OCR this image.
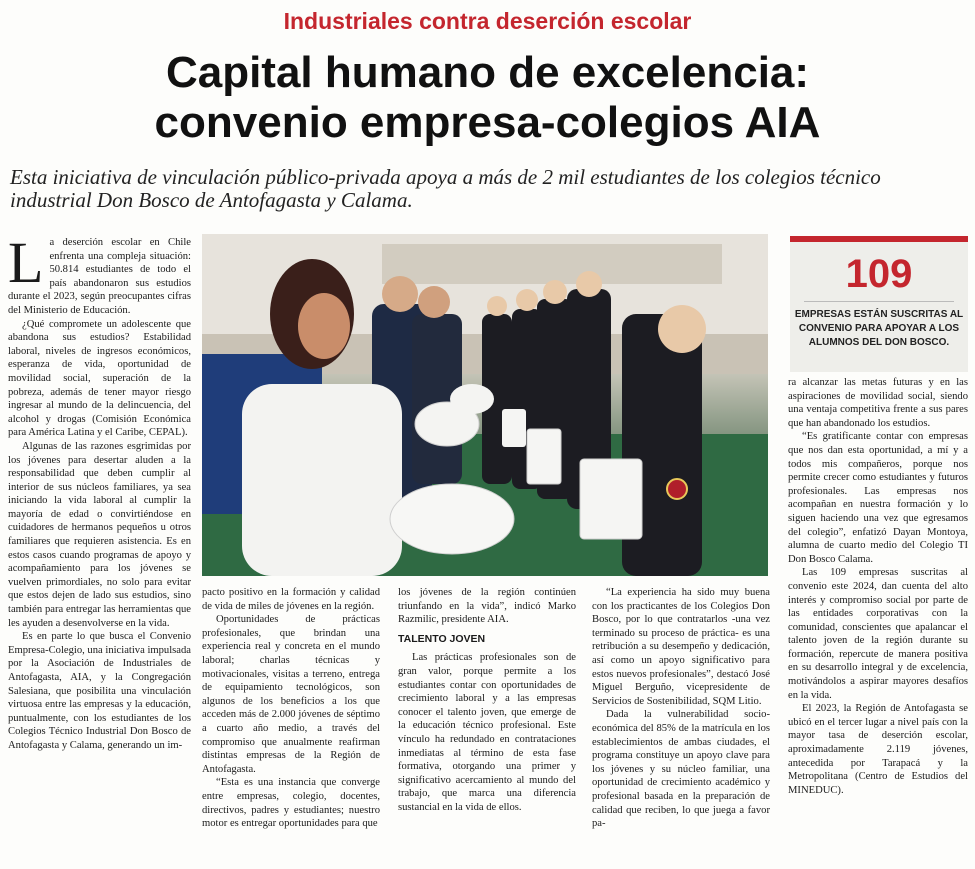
Industriales contra deserción escolar
Capital humano de excelencia:
convenio empresa-colegios AIA
Esta iniciativa de vinculación público-privada apoya a más de 2 mil estudiantes de los colegios técnico industrial Don Bosco de Antofagasta y Calama.

La deserción escolar en Chile enfrenta una compleja situación: 50.814 estudiantes de todo el país abandonaron sus estudios durante el 2023, según preocupantes cifras del Ministerio de Educación.

¿Qué compromete un adolescente que abandona sus estudios? Estabilidad laboral, niveles de ingresos económicos, esperanza de vida, oportunidad de movilidad social, superación de la pobreza, además de tener mayor riesgo ingresar al mundo de la delincuencia, del alcohol y drogas (Comisión Económica para América Latina y el Caribe, CEPAL).

Algunas de las razones esgrimidas por los jóvenes para desertar aluden a la responsabilidad que deben cumplir al interior de sus núcleos familiares, ya sea iniciando la vida laboral al cumplir la mayoría de edad o convirtiéndose en cuidadores de hermanos pequeños u otros familiares que requieren asistencia. Es en estos casos cuando programas de apoyo y acompañamiento para los jóvenes se vuelven primordiales, no solo para evitar que estos dejen de lado sus estudios, sino también para entregar las herramientas que les ayuden a desenvolverse en la vida.

Es en parte lo que busca el Convenio Empresa-Colegio, una iniciativa impulsada por la Asociación de Industriales de Antofagasta, AIA, y la Congregación Salesiana, que posibilita una vinculación virtuosa entre las empresas y la educación, puntualmente, con los estudiantes de los Colegios Técnico Industrial Don Bosco de Antofagasta y Calama, generando un im-

109
EMPRESAS ESTÁN SUSCRITAS AL CONVENIO PARA APOYAR A LOS ALUMNOS DEL DON BOSCO.

pacto positivo en la formación y calidad de vida de miles de jóvenes en la región.

Oportunidades de prácticas profesionales, que brindan una experiencia real y concreta en el mundo laboral; charlas técnicas y motivacionales, visitas a terreno, entrega de equipamiento tecnológicos, son algunos de los beneficios a los que acceden más de 2.000 jóvenes de séptimo a cuarto año medio, a través del compromiso que anualmente reafirman distintas empresas de la Región de Antofagasta.

“Esta es una instancia que converge entre empresas, colegio, docentes, directivos, padres y estudiantes; nuestro motor es entregar oportunidades para que

los jóvenes de la región continúen triunfando en la vida”, indicó Marko Razmilic, presidente AIA.

TALENTO JOVEN

Las prácticas profesionales son de gran valor, porque permite a los estudiantes contar con oportunidades de crecimiento laboral y a las empresas conocer el talento joven, que emerge de la educación técnico profesional. Este vínculo ha redundado en contrataciones inmediatas al término de esta fase formativa, otorgando una primer y significativo acercamiento al mundo del trabajo, que marca una diferencia sustancial en la vida de ellos.

“La experiencia ha sido muy buena con los practicantes de los Colegios Don Bosco, por lo que contratarlos -una vez terminado su proceso de práctica- es una retribución a su desempeño y dedicación, así como un apoyo significativo para estos nuevos profesionales”, destacó José Miguel Berguño, vicepresidente de Servicios de Sostenibilidad, SQM Litio.

Dada la vulnerabilidad socio-económica del 85% de la matrícula en los establecimientos de ambas ciudades, el programa constituye un apoyo clave para los jóvenes y su núcleo familiar, una oportunidad de crecimiento académico y profesional basada en la preparación de calidad que reciben, lo que juega a favor pa-

ra alcanzar las metas futuras y en las aspiraciones de movilidad social, siendo una ventaja competitiva frente a sus pares que han abandonado los estudios.

“Es gratificante contar con empresas que nos dan esta oportunidad, a mí y a todos mis compañeros, porque nos permite crecer como estudiantes y futuros profesionales. Las empresas nos acompañan en nuestra formación y lo siguen haciendo una vez que egresamos del colegio”, enfatizó Dayan Montoya, alumna de cuarto medio del Colegio TI Don Bosco Calama.

Las 109 empresas suscritas al convenio este 2024, dan cuenta del alto interés y compromiso social por parte de las entidades corporativas con la comunidad, conscientes que apalancar el talento joven de la región durante su formación, repercute de manera positiva en su desarrollo integral y de excelencia, motivándolos a aspirar mayores desafíos en la vida.

El 2023, la Región de Antofagasta se ubicó en el tercer lugar a nivel país con la mayor tasa de deserción escolar, aproximadamente 2.119 jóvenes, antecedida por Tarapacá y la Metropolitana (Centro de Estudios del MINEDUC).
